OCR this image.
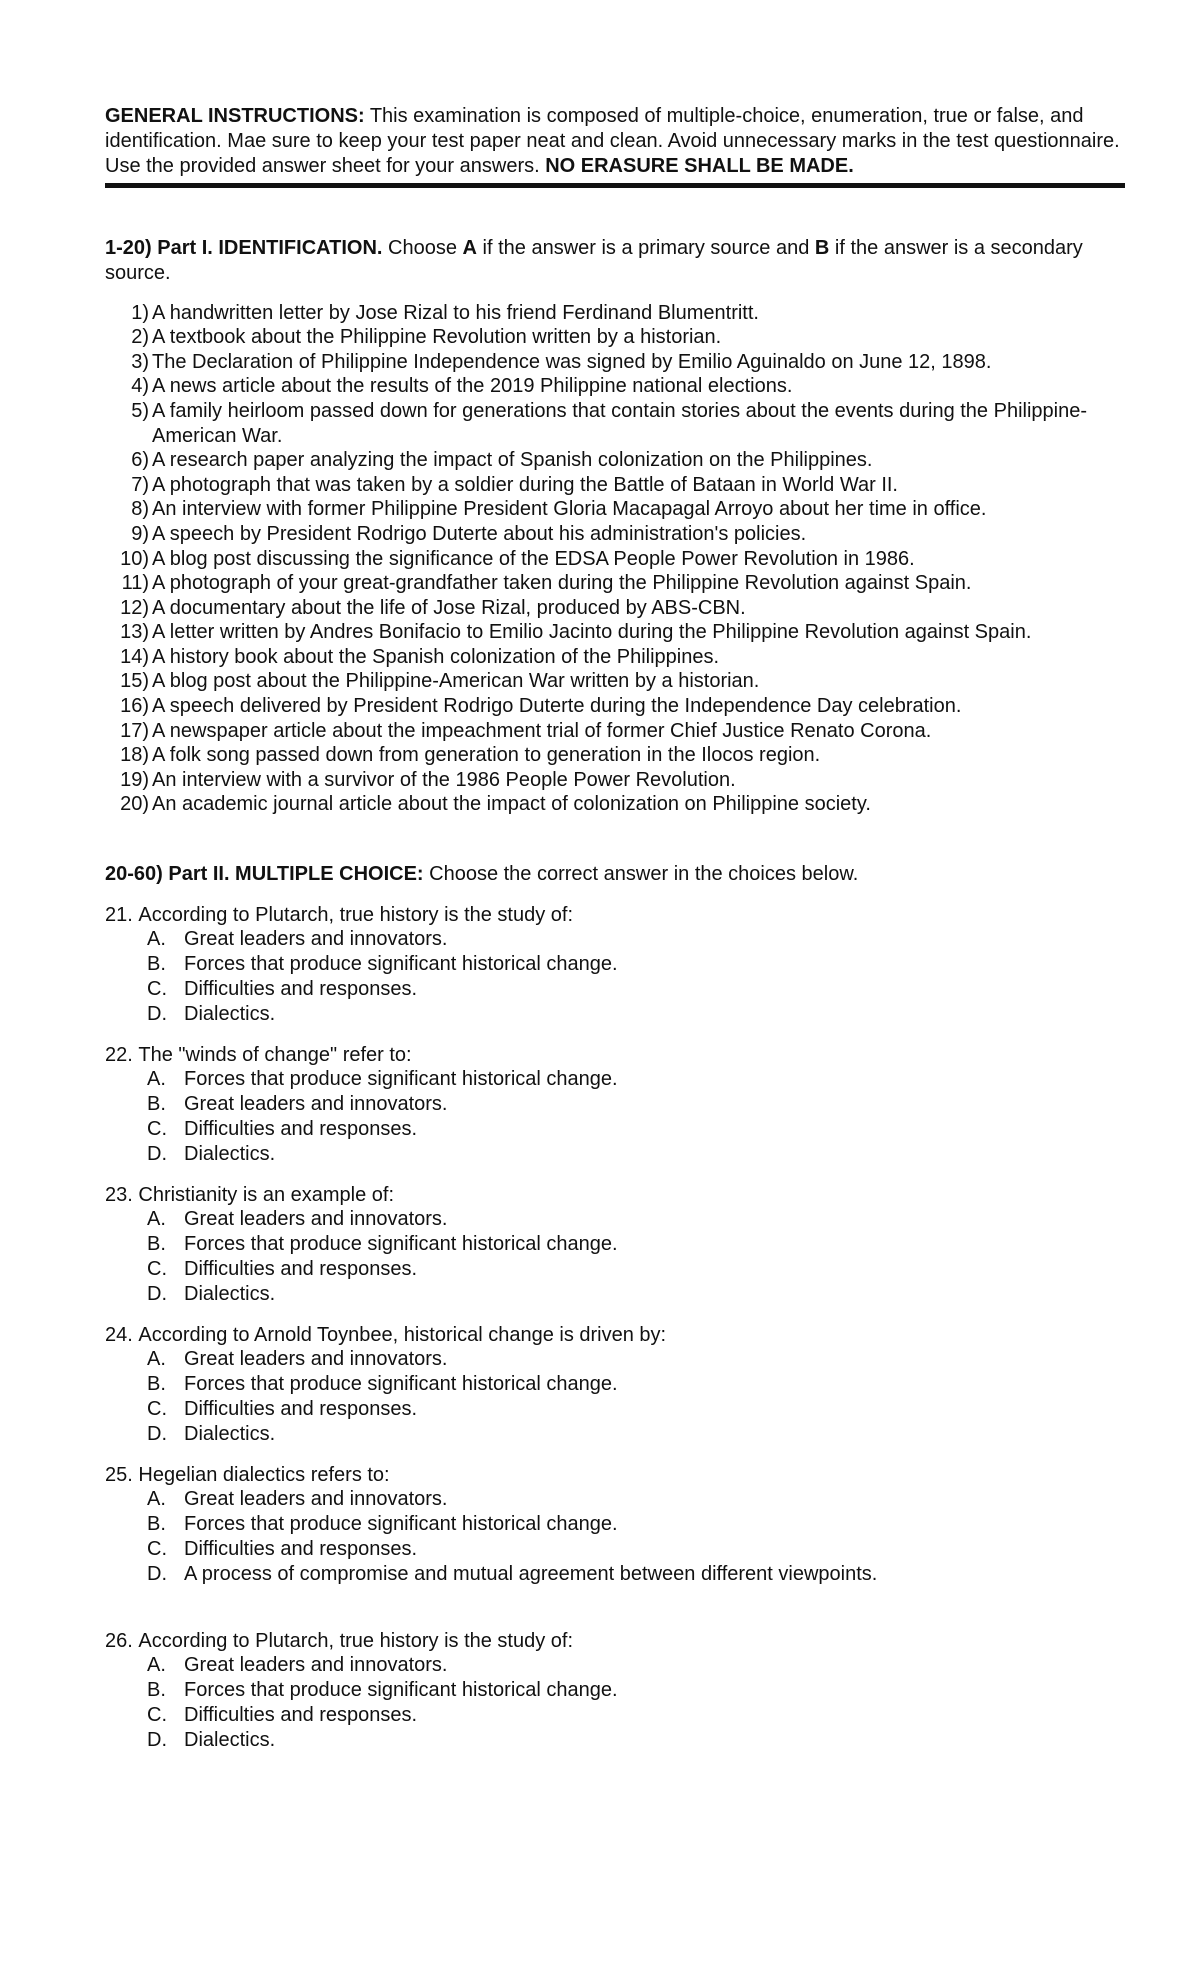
GENERAL INSTRUCTIONS: This examination is composed of multiple-choice, enumeration, true or false, and identification. Mae sure to keep your test paper neat and clean. Avoid unnecessary marks in the test questionnaire. Use the provided answer sheet for your answers. NO ERASURE SHALL BE MADE.

1-20) Part I. IDENTIFICATION. Choose A if the answer is a primary source and B if the answer is a secondary source.
1) A handwritten letter by Jose Rizal to his friend Ferdinand Blumentritt.
2) A textbook about the Philippine Revolution written by a historian.
3) The Declaration of Philippine Independence was signed by Emilio Aguinaldo on June 12, 1898.
4) A news article about the results of the 2019 Philippine national elections.
5) A family heirloom passed down for generations that contain stories about the events during the Philippine-American War.
6) A research paper analyzing the impact of Spanish colonization on the Philippines.
7) A photograph that was taken by a soldier during the Battle of Bataan in World War II.
8) An interview with former Philippine President Gloria Macapagal Arroyo about her time in office.
9) A speech by President Rodrigo Duterte about his administration's policies.
10) A blog post discussing the significance of the EDSA People Power Revolution in 1986.
11) A photograph of your great-grandfather taken during the Philippine Revolution against Spain.
12) A documentary about the life of Jose Rizal, produced by ABS-CBN.
13) A letter written by Andres Bonifacio to Emilio Jacinto during the Philippine Revolution against Spain.
14) A history book about the Spanish colonization of the Philippines.
15) A blog post about the Philippine-American War written by a historian.
16) A speech delivered by President Rodrigo Duterte during the Independence Day celebration.
17) A newspaper article about the impeachment trial of former Chief Justice Renato Corona.
18) A folk song passed down from generation to generation in the Ilocos region.
19) An interview with a survivor of the 1986 People Power Revolution.
20) An academic journal article about the impact of colonization on Philippine society.
20-60) Part II. MULTIPLE CHOICE: Choose the correct answer in the choices below.
21.
According to Plutarch, true history is the study of:
A. Great leaders and innovators.
B. Forces that produce significant historical change.
C. Difficulties and responses.
D. Dialectics.
22.
The "winds of change" refer to:
A. Forces that produce significant historical change.
B. Great leaders and innovators.
C. Difficulties and responses.
D. Dialectics.
23.
Christianity is an example of:
A. Great leaders and innovators.
B. Forces that produce significant historical change.
C. Difficulties and responses.
D. Dialectics.
24.
According to Arnold Toynbee, historical change is driven by:
A. Great leaders and innovators.
B. Forces that produce significant historical change.
C. Difficulties and responses.
D. Dialectics.
25.
Hegelian dialectics refers to:
A. Great leaders and innovators.
B. Forces that produce significant historical change.
C. Difficulties and responses.
D. A process of compromise and mutual agreement between different viewpoints.
26.
According to Plutarch, true history is the study of:
A. Great leaders and innovators.
B. Forces that produce significant historical change.
C. Difficulties and responses.
D. Dialectics.
